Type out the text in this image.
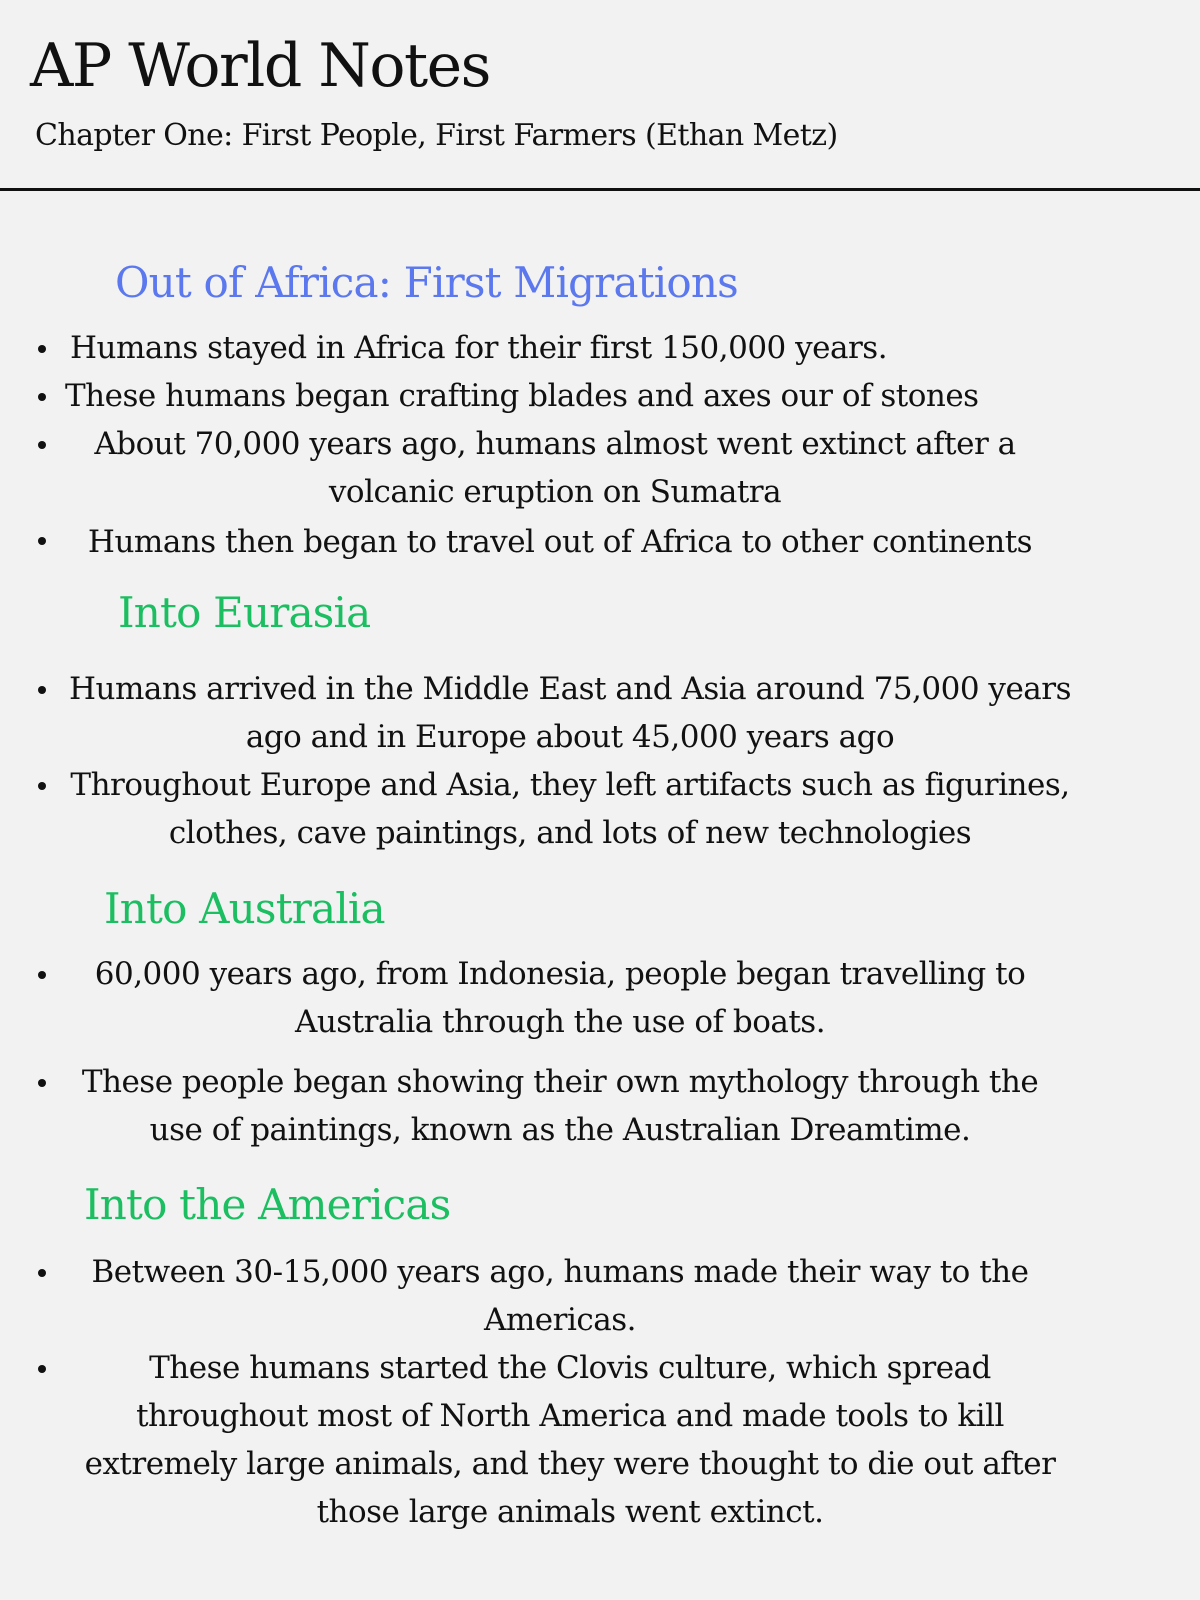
AP World Notes
Chapter One: First People, First Farmers (Ethan Metz)
Out of Africa: First Migrations
Humans stayed in Africa for their first 150,000 years.
These humans began crafting blades and axes our of stones
About 70,000 years ago, humans almost went extinct after a volcanic eruption on Sumatra
Humans then began to travel out of Africa to other continents
Into Eurasia
Humans arrived in the Middle East and Asia around 75,000 years ago and in Europe about 45,000 years ago
Throughout Europe and Asia, they left artifacts such as figurines, clothes, cave paintings, and lots of new technologies
Into Australia
60,000 years ago, from Indonesia, people began travelling to Australia through the use of boats.
These people began showing their own mythology through the use of paintings, known as the Australian Dreamtime.
Into the Americas
Between 30-15,000 years ago, humans made their way to the Americas.
These humans started the Clovis culture, which spread throughout most of North America and made tools to kill extremely large animals, and they were thought to die out after those large animals went extinct.
